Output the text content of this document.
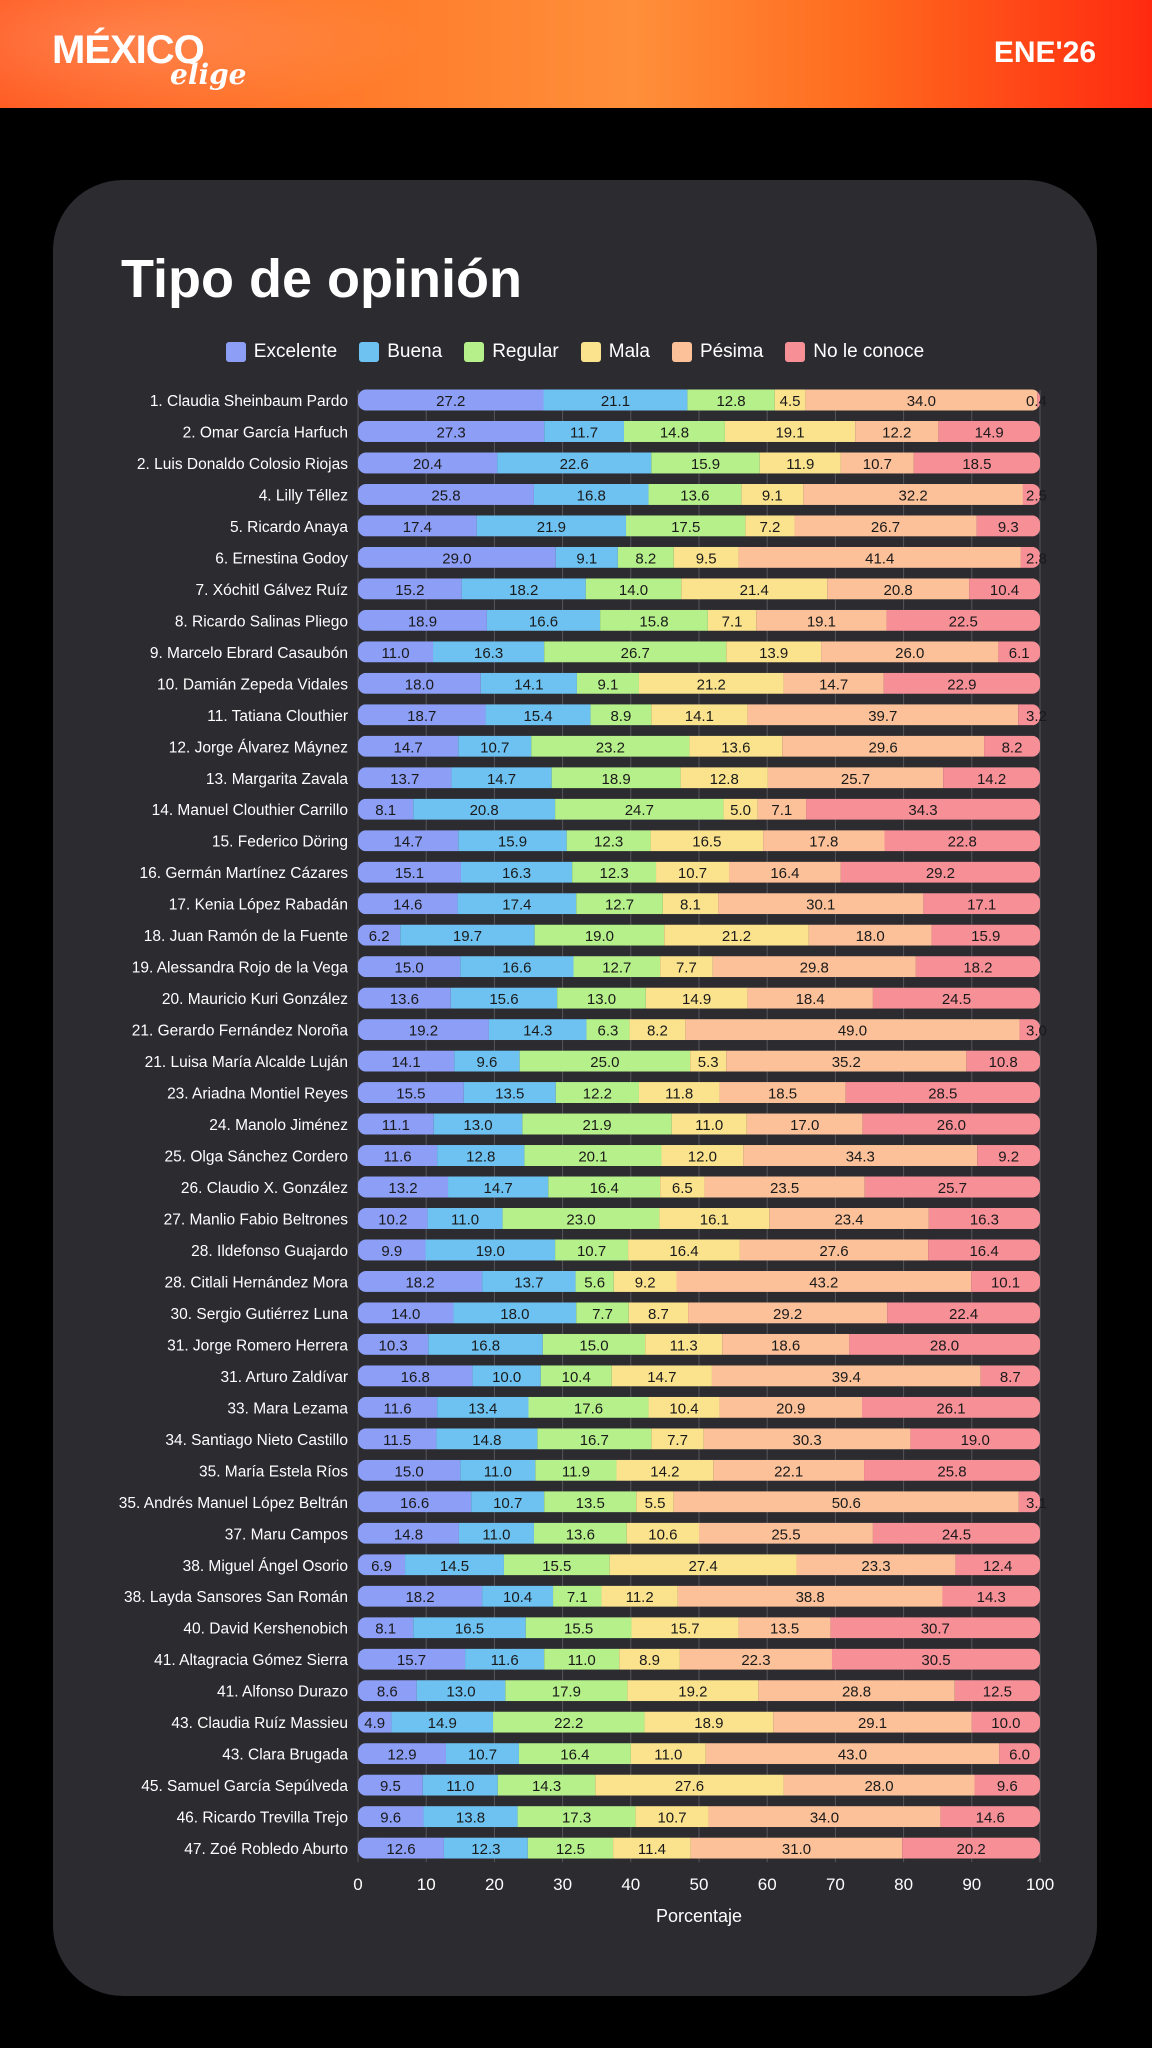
MÉXICO
elige
ENE'26
Tipo de opinión
Excelente	Buena	Regular	Mala	Pésima	No le conoce
0	10	20	30	40	50	60	70	80	90	100
Porcentaje
1. Claudia Sheinbaum Pardo	27.2	21.1	12.8 4.5	34.0	0.4
2. Omar García Harfuch	27.3	11.7	14.8	19.1	12.2	14.9
2. Luis Donaldo Colosio Riojas	20.4	22.6	15.9	11.9	10.7	18.5
4. Lilly Téllez	25.8	16.8	13.6	9.1	32.2	2.5
5. Ricardo Anaya	17.4	21.9	17.5	7.2	26.7	9.3
6. Ernestina Godoy	29.0	9.1	8.2	9.5	41.4	2.8
7. Xóchitl Gálvez Ruíz	15.2	18.2	14.0	21.4	20.8	10.4
8. Ricardo Salinas Pliego	18.9	16.6	15.8	7.1	19.1	22.5
9. Marcelo Ebrard Casaubón 11.0	16.3	26.7	13.9	26.0	6.1
10. Damián Zepeda Vidales	18.0	14.1	9.1	21.2	14.7	22.9
11. Tatiana Clouthier	18.7	15.4	8.9	14.1	39.7	3.2
12. Jorge Álvarez Máynez	14.7	10.7	23.2	13.6	29.6	8.2
13. Margarita Zavala	13.7	14.7	18.9	12.8	25.7	14.2
14. Manuel Clouthier Carrillo 8.1	20.8	24.7	5.0 7.1	34.3
15. Federico Döring	14.7	15.9	12.3	16.5	17.8	22.8
16. Germán Martínez Cázares	15.1	16.3	12.3	10.7	16.4	29.2
17. Kenia López Rabadán	14.6	17.4	12.7	8.1	30.1	17.1
18. Juan Ramón de la Fuente 6.2	19.7	19.0	21.2	18.0	15.9
19. Alessandra Rojo de la Vega	15.0	16.6	12.7	7.7	29.8	18.2
20. Mauricio Kuri González	13.6	15.6	13.0	14.9	18.4	24.5
21. Gerardo Fernández Noroña	19.2	14.3	6.3 8.2	49.0	3.0
21. Luisa María Alcalde Luján	14.1	9.6	25.0	5.3	35.2	10.8
23. Ariadna Montiel Reyes	15.5	13.5	12.2	11.8	18.5	28.5
24. Manolo Jiménez 11.1	13.0	21.9	11.0	17.0	26.0
25. Olga Sánchez Cordero 11.6	12.8	20.1	12.0	34.3	9.2
26. Claudio X. González	13.2	14.7	16.4	6.5	23.5	25.7
27. Manlio Fabio Beltrones 10.2	11.0	23.0	16.1	23.4	16.3
28. Ildefonso Guajardo 9.9	19.0	10.7	16.4	27.6	16.4
28. Citlali Hernández Mora	18.2	13.7	5.6 9.2	43.2	10.1
30. Sergio Gutiérrez Luna	14.0	18.0	7.7 8.7	29.2	22.4
31. Jorge Romero Herrera 10.3	16.8	15.0	11.3	18.6	28.0
31. Arturo Zaldívar	16.8	10.0	10.4	14.7	39.4	8.7
33. Mara Lezama 11.6	13.4	17.6	10.4	20.9	26.1
34. Santiago Nieto Castillo 11.5	14.8	16.7	7.7	30.3	19.0
35. María Estela Ríos	15.0	11.0	11.9	14.2	22.1	25.8
35. Andrés Manuel López Beltrán	16.6	10.7	13.5	5.5	50.6	3.1
37. Maru Campos	14.8	11.0	13.6	10.6	25.5	24.5
38. Miguel Ángel Osorio 6.9	14.5	15.5	27.4	23.3	12.4
38. Layda Sansores San Román	18.2	10.4 7.1	11.2	38.8	14.3
40. David Kershenobich 8.1	16.5	15.5	15.7	13.5	30.7
41. Altagracia Gómez Sierra	15.7	11.6	11.0	8.9	22.3	30.5
41. Alfonso Durazo 8.6	13.0	17.9	19.2	28.8	12.5
43. Claudia Ruíz Massieu 4.9	14.9	22.2	18.9	29.1	10.0
43. Clara Brugada	12.9	10.7	16.4	11.0	43.0	6.0
45. Samuel García Sepúlveda 9.5	11.0	14.3	27.6	28.0	9.6
46. Ricardo Trevilla Trejo 9.6	13.8	17.3	10.7	34.0	14.6
47. Zoé Robledo Aburto	12.6	12.3	12.5	11.4	31.0	20.2
